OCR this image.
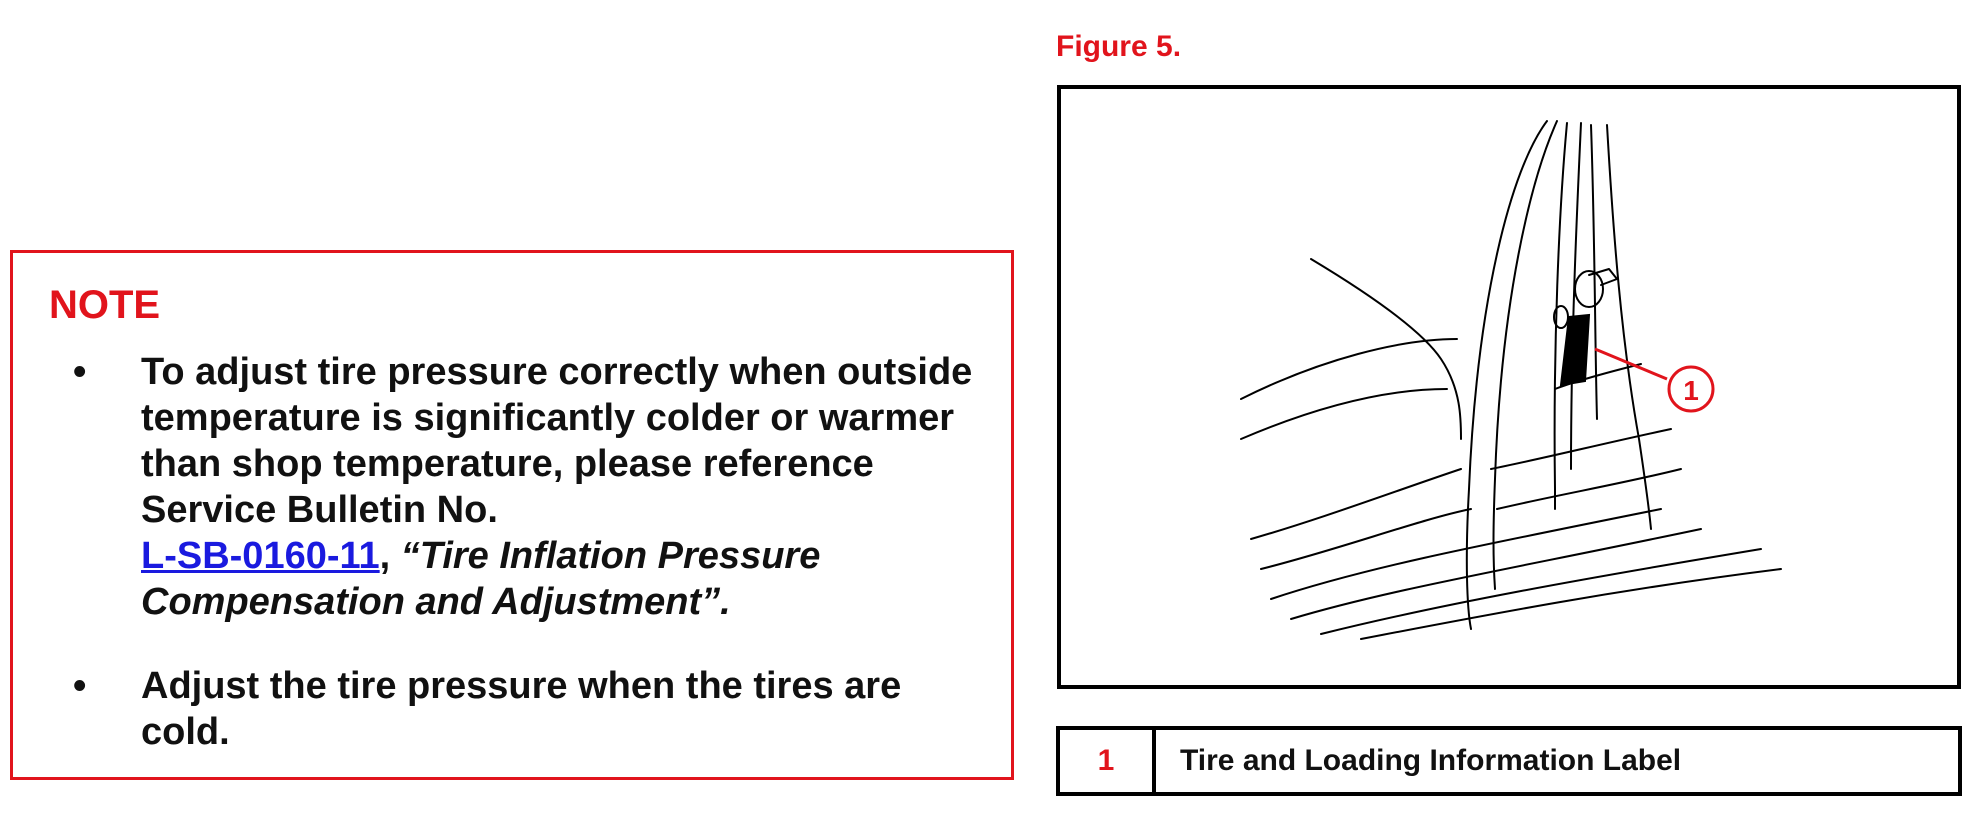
NOTE
• To adjust tire pressure correctly when outside temperature is significantly colder or warmer than shop temperature, please reference Service Bulletin No.
L-SB-0160-11, “Tire Inflation Pressure Compensation and Adjustment”.
• Adjust the tire pressure when the tires are cold.
Figure 5.
1
1	Tire and Loading Information Label
